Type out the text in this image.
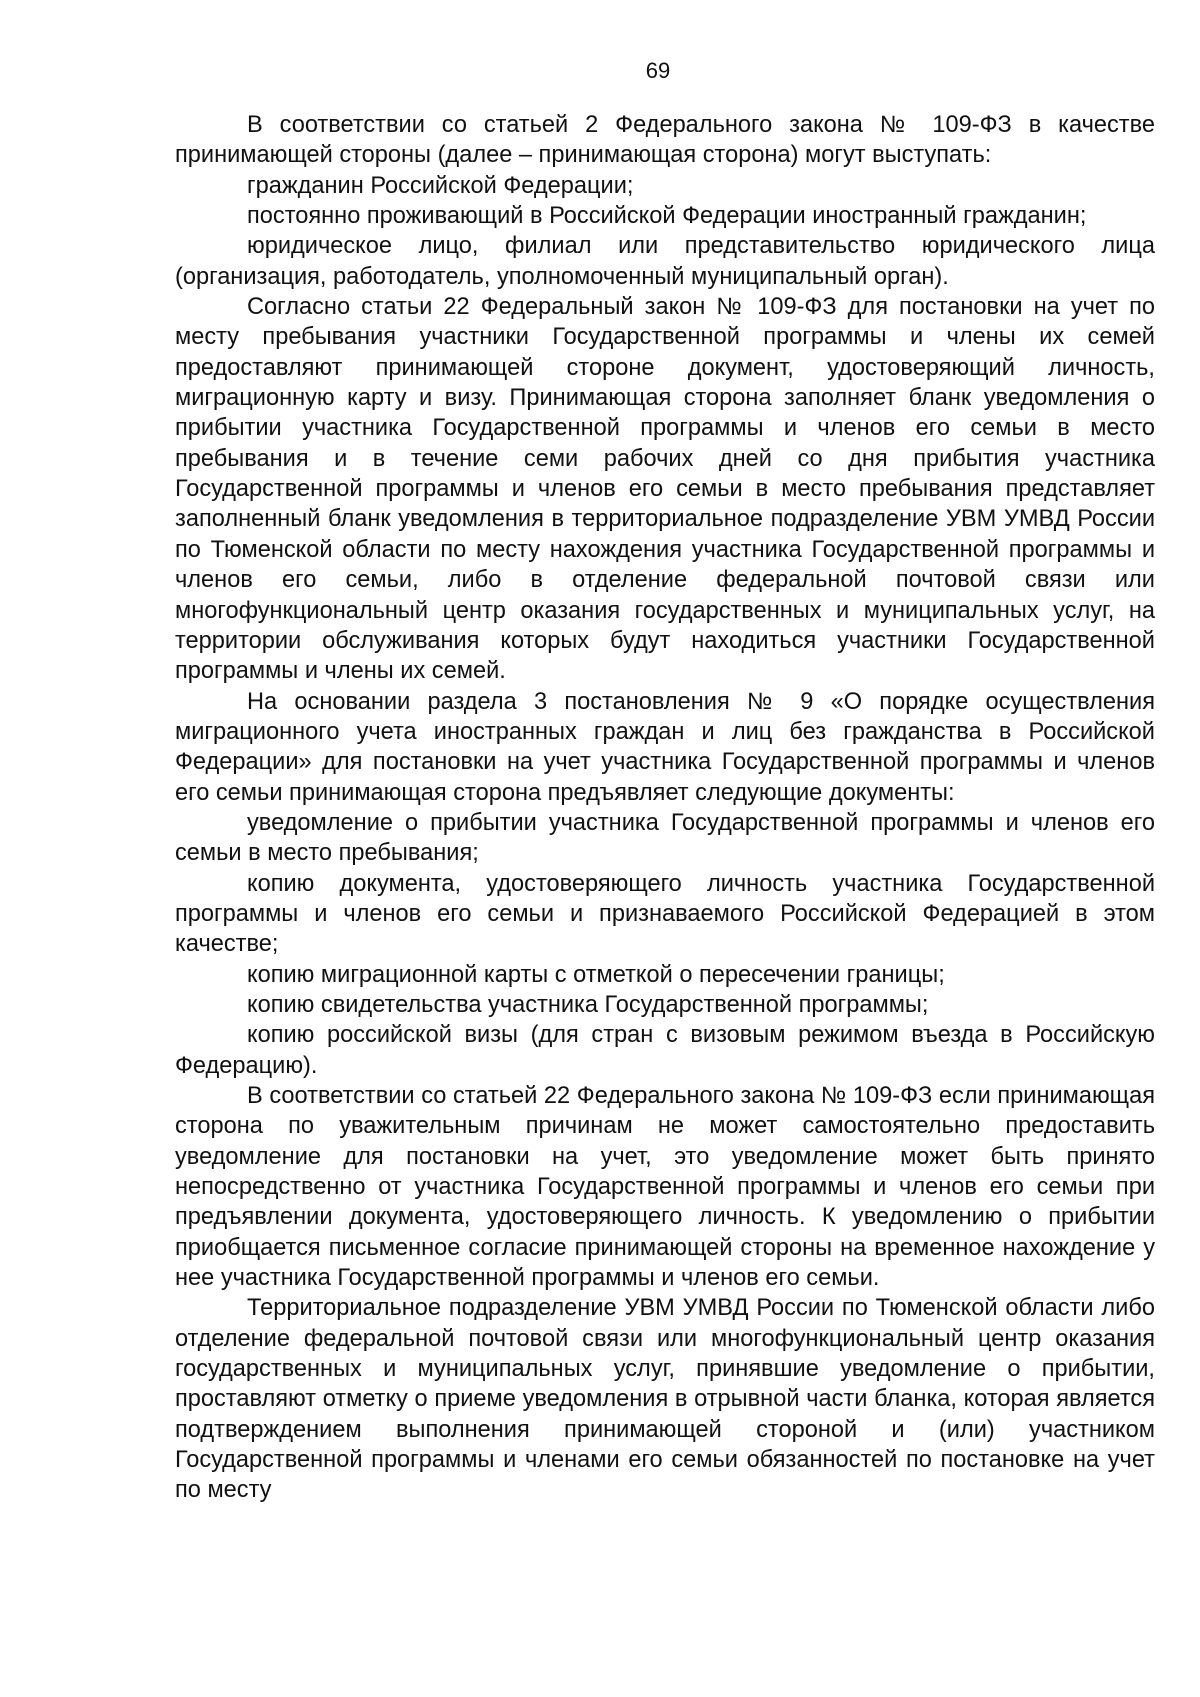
69

В соответствии со статьей 2 Федерального закона № 109-ФЗ в качестве принимающей стороны (далее – принимающая сторона) могут выступать:

гражданин Российской Федерации;

постоянно проживающий в Российской Федерации иностранный гражданин;

юридическое лицо, филиал или представительство юридического лица (организация, работодатель, уполномоченный муниципальный орган).

Согласно статьи 22 Федеральный закон № 109-ФЗ для постановки на учет по месту пребывания участники Государственной программы и члены их семей предоставляют принимающей стороне документ, удостоверяющий личность, миграционную карту и визу. Принимающая сторона заполняет бланк уведомления о прибытии участника Государственной программы и членов его семьи в место пребывания и в течение семи рабочих дней со дня прибытия участника Государственной программы и членов его семьи в место пребывания представляет заполненный бланк уведомления в территориальное подразделение УВМ УМВД России по Тюменской области по месту нахождения участника Государственной программы и членов его семьи, либо в отделение федеральной почтовой связи или многофункциональный центр оказания государственных и муниципальных услуг, на территории обслуживания которых будут находиться участники Государственной программы и члены их семей.

На основании раздела 3 постановления № 9 «О порядке осуществления миграционного учета иностранных граждан и лиц без гражданства в Российской Федерации» для постановки на учет участника Государственной программы и членов его семьи принимающая сторона предъявляет следующие документы:

уведомление о прибытии участника Государственной программы и членов его семьи в место пребывания;

копию документа, удостоверяющего личность участника Государственной программы и членов его семьи и признаваемого Российской Федерацией в этом качестве;

копию миграционной карты с отметкой о пересечении границы;

копию свидетельства участника Государственной программы;

копию российской визы (для стран с визовым режимом въезда в Российскую Федерацию).

В соответствии со статьей 22 Федерального закона № 109-ФЗ если принимающая сторона по уважительным причинам не может самостоятельно предоставить уведомление для постановки на учет, это уведомление может быть принято непосредственно от участника Государственной программы и членов его семьи при предъявлении документа, удостоверяющего личность. К уведомлению о прибытии приобщается письменное согласие принимающей стороны на временное нахождение у нее участника Государственной программы и членов его семьи.

Территориальное подразделение УВМ УМВД России по Тюменской области либо отделение федеральной почтовой связи или многофункциональный центр оказания государственных и муниципальных услуг, принявшие уведомление о прибытии, проставляют отметку о приеме уведомления в отрывной части бланка, которая является подтверждением выполнения принимающей стороной и (или) участником Государственной программы и членами его семьи обязанностей по постановке на учет по месту
